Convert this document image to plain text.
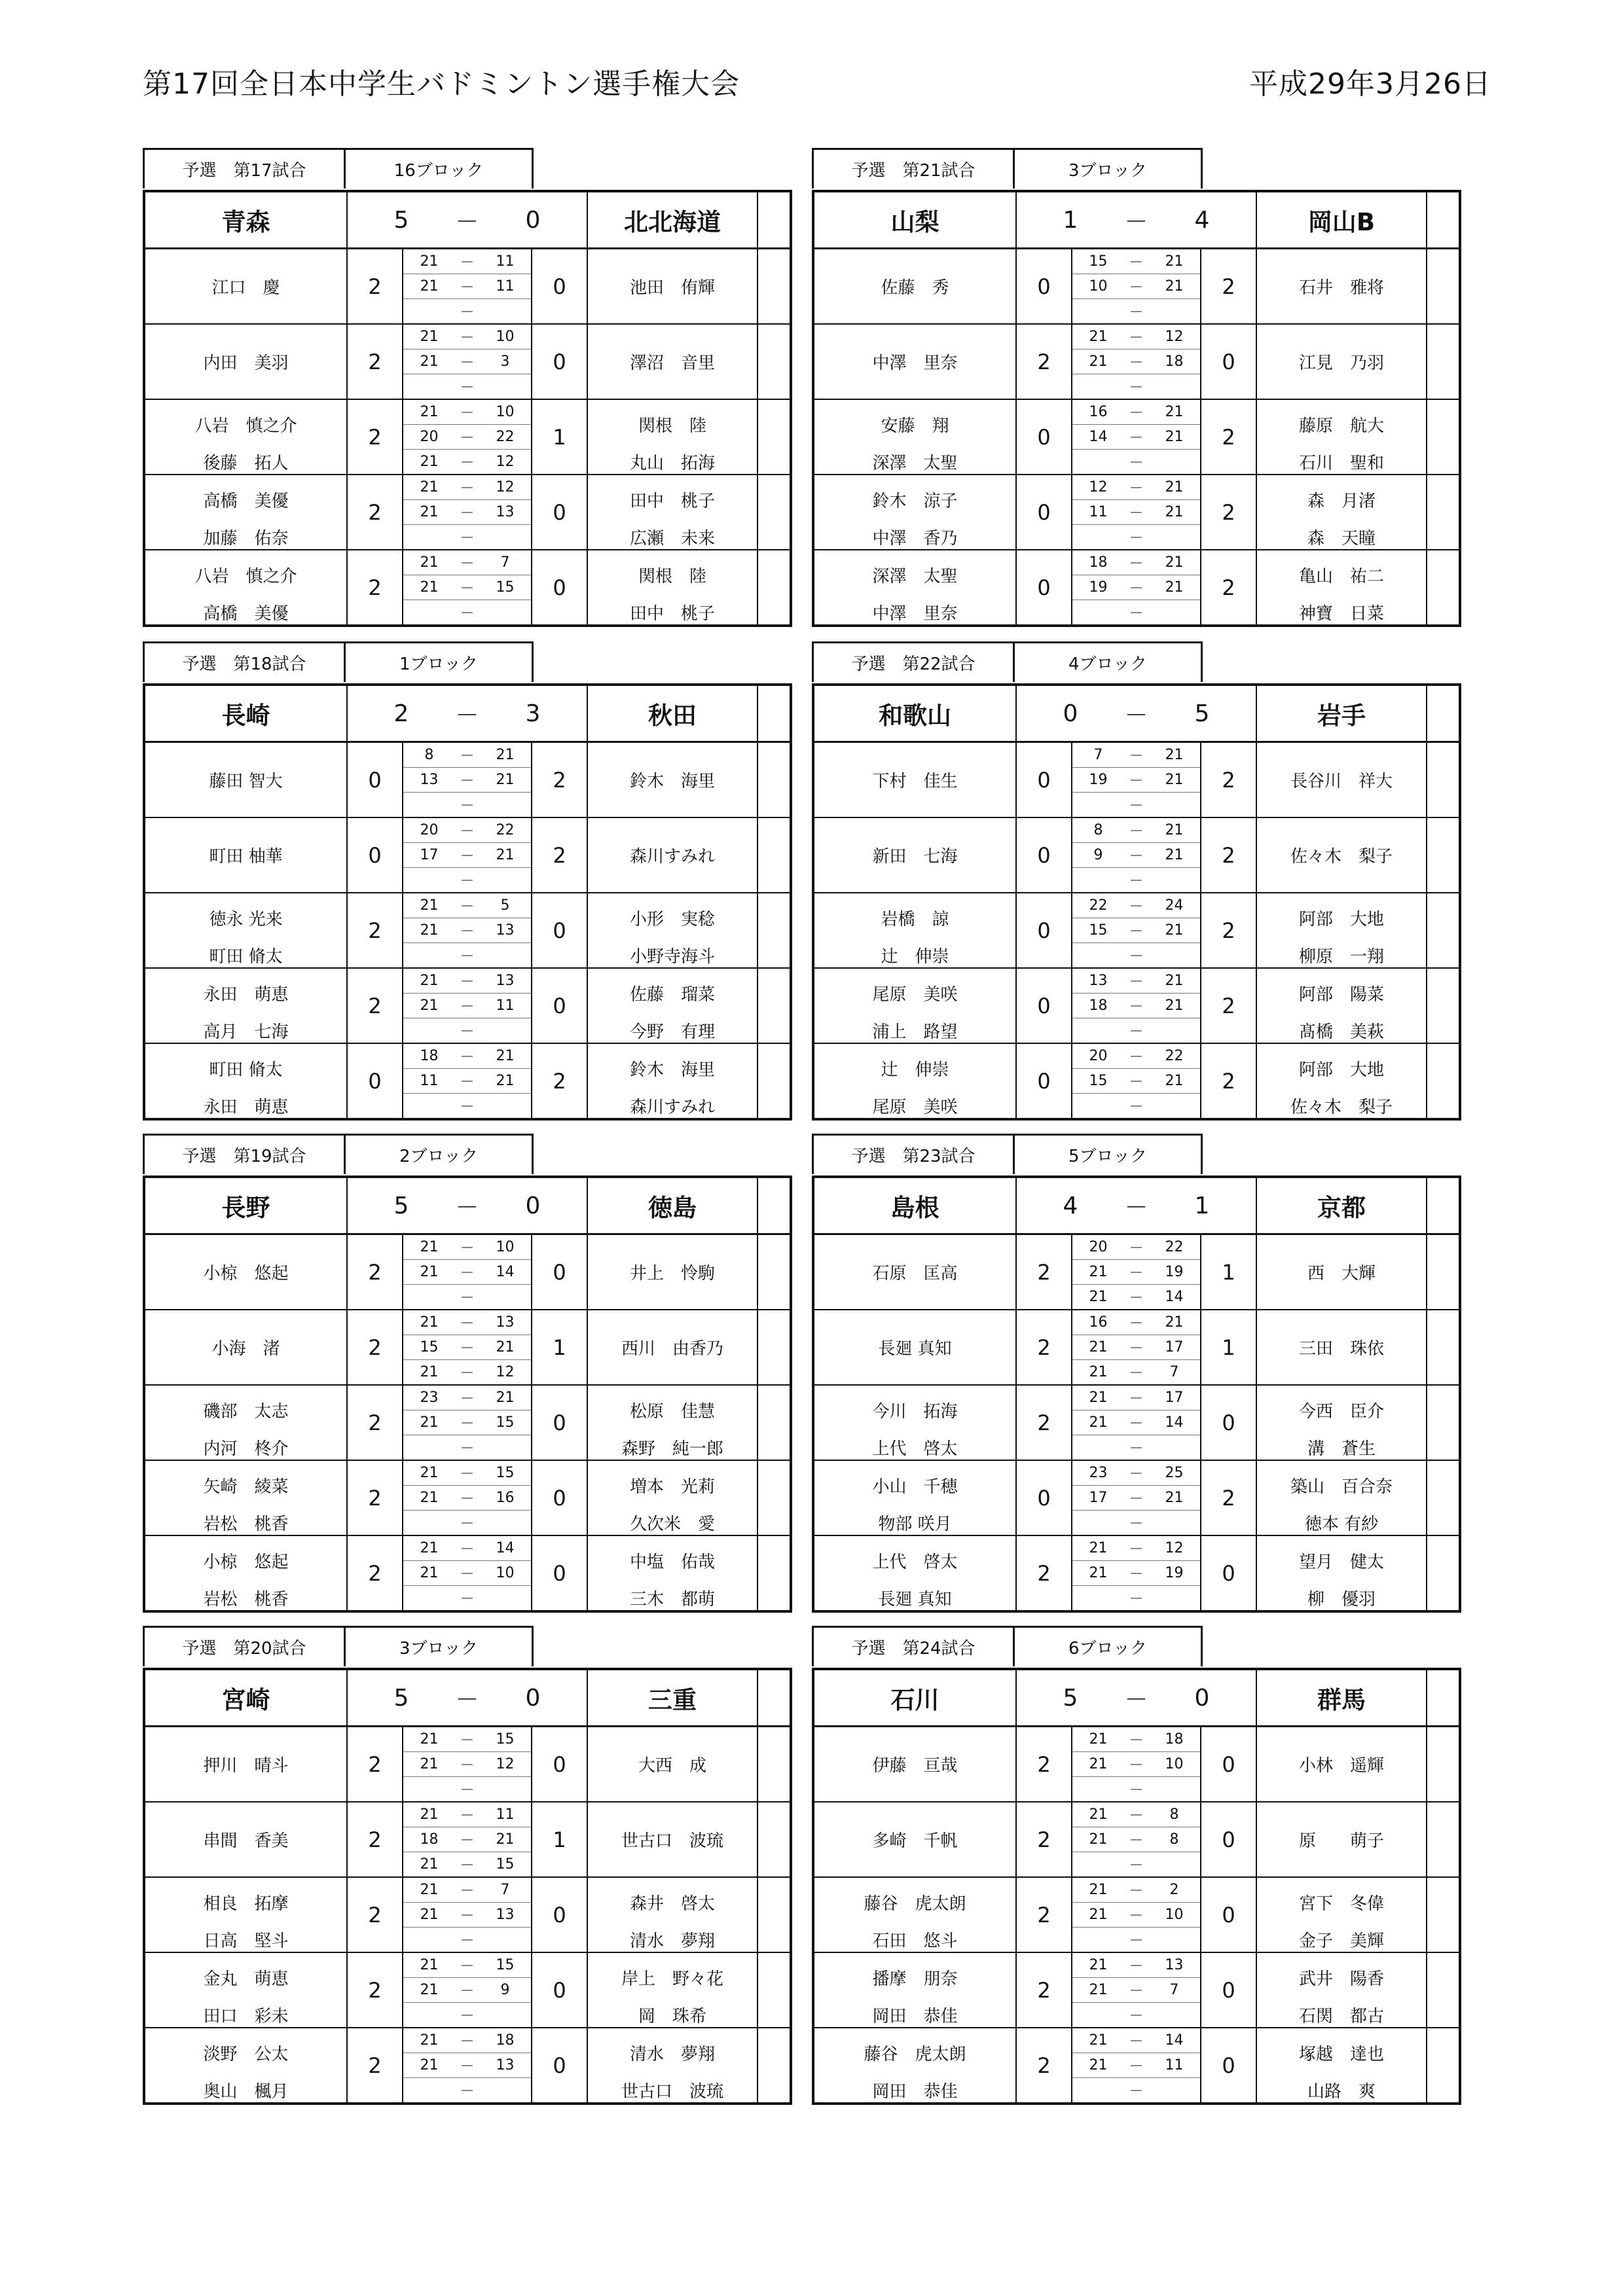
第17回全日本中学生バドミントン選手権大会	平成29年3月26日
予選　第17試合	16ブロック
青森	5		－	0		北北海道	
江口　慶	2	21	－	11	0	池田　侑輝	
		21	－	11			
			－				
内田　美羽	2	21	－	10	0	澤沼　音里	
		21	－	3			
			－				
八岩　慎之介	2	21	－	10	1	関根　陸	
		20	－	22			
後藤　拓人		21	－	12		丸山　拓海	
高橋　美優	2	21	－	12	0	田中　桃子	
		21	－	13			
加藤　佑奈			－			広瀬　未来	
八岩　慎之介	2	21	－	7	0	関根　陸	
		21	－	15			
高橋　美優			－			田中　桃子	
予選　第21試合	3ブロック
山梨	1		－	4		岡山B	
佐藤　秀	0	15	－	21	2	石井　雅将	
		10	－	21			
			－				
中澤　里奈	2	21	－	12	0	江見　乃羽	
		21	－	18			
			－				
安藤　翔	0	16	－	21	2	藤原　航大	
		14	－	21			
深澤　太聖			－			石川　聖和	
鈴木　涼子	0	12	－	21	2	森　月渚	
		11	－	21			
中澤　香乃			－			森　天瞳	
深澤　太聖	0	18	－	21	2	亀山　祐二	
		19	－	21			
中澤　里奈			－			神寶　日菜	
予選　第18試合	1ブロック
長崎	2		－	3		秋田	
藤田 智大	0	8	－	21	2	鈴木　海里	
		13	－	21			
			－				
町田 柚華	0	20	－	22	2	森川すみれ	
		17	－	21			
			－				
徳永 光来	2	21	－	5	0	小形　実稔	
		21	－	13			
町田 脩太			－			小野寺海斗	
永田　萌恵	2	21	－	13	0	佐藤　瑠菜	
		21	－	11			
高月　七海			－			今野　有理	
町田 脩太	0	18	－	21	2	鈴木　海里	
		11	－	21			
永田　萌恵			－			森川すみれ	
予選　第22試合	4ブロック
和歌山	0		－	5		岩手	
下村　佳生	0	7	－	21	2	長谷川　祥大	
		19	－	21			
			－				
新田　七海	0	8	－	21	2	佐々木　梨子	
		9	－	21			
			－				
岩橋　諒	0	22	－	24	2	阿部　大地	
		15	－	21			
辻　伸崇			－			柳原　一翔	
尾原　美咲	0	13	－	21	2	阿部　陽菜	
		18	－	21			
浦上　路望			－			髙橋　美萩	
辻　伸崇	0	20	－	22	2	阿部　大地	
		15	－	21			
尾原　美咲			－			佐々木　梨子	
予選　第19試合	2ブロック
長野	5		－	0		徳島	
小椋　悠起	2	21	－	10	0	井上　怜駒	
		21	－	14			
			－				
小海　渚	2	21	－	13	1	西川　由香乃	
		15	－	21			
		21	－	12			
磯部　太志	2	23	－	21	0	松原　佳慧	
		21	－	15			
内河　柊介			－			森野　純一郎	
矢崎　綾菜	2	21	－	15	0	増本　光莉	
		21	－	16			
岩松　桃香			－			久次米　愛	
小椋　悠起	2	21	－	14	0	中塩　佑哉	
		21	－	10			
岩松　桃香			－			三木　都萌	
予選　第23試合	5ブロック
島根	4		－	1		京都	
石原　匡高	2	20	－	22	1	西　大輝	
		21	－	19			
		21	－	14			
長廻 真知	2	16	－	21	1	三田　珠依	
		21	－	17			
		21	－	7			
今川　拓海	2	21	－	17	0	今西　臣介	
		21	－	14			
上代　啓太			－			溝　蒼生	
小山　千穂	0	23	－	25	2	築山　百合奈	
		17	－	21			
物部 咲月			－			徳本 有紗	
上代　啓太	2	21	－	12	0	望月　健太	
		21	－	19			
長廻 真知			－			柳　優羽	
予選　第20試合	3ブロック
宮崎	5		－	0		三重	
押川　晴斗	2	21	－	15	0	大西　成	
		21	－	12			
			－				
串間　香美	2	21	－	11	1	世古口　波琉	
		18	－	21			
		21	－	15			
相良　拓摩	2	21	－	7	0	森井　啓太	
		21	－	13			
日高　堅斗			－			清水　夢翔	
金丸　萌恵	2	21	－	15	0	岸上　野々花	
		21	－	9			
田口　彩未			－			岡　珠希	
淡野　公太	2	21	－	18	0	清水　夢翔	
		21	－	13			
奥山　楓月			－			世古口　波琉	
予選　第24試合	6ブロック
石川	5		－	0		群馬	
伊藤　亘哉	2	21	－	18	0	小林　遥輝	
		21	－	10			
			－				
多崎　千帆	2	21	－	8	0	原　　萌子	
		21	－	8			
			－				
藤谷　虎太朗	2	21	－	2	0	宮下　冬偉	
		21	－	10			
石田　悠斗			－			金子　美輝	
播摩　朋奈	2	21	－	13	0	武井　陽香	
		21	－	7			
岡田　恭佳			－			石関　都古	
藤谷　虎太朗	2	21	－	14	0	塚越　達也	
		21	－	11			
岡田　恭佳			－			山路　爽	
